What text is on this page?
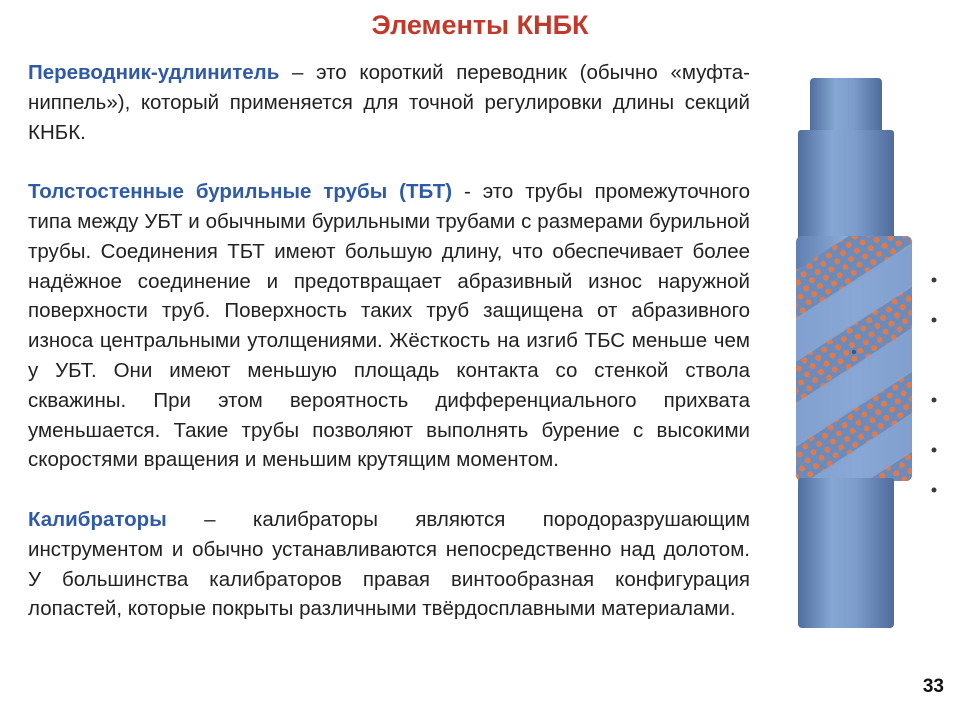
Элементы КНБК

Переводник-удлинитель – это короткий переводник (обычно «муфта-ниппель»), который применяется для точной регулировки длины секций КНБК.

Толстостенные бурильные трубы (ТБТ) - это трубы промежуточного типа между УБТ и обычными бурильными трубами с размерами бурильной трубы. Соединения ТБТ имеют большую длину, что обеспечивает более надёжное соединение и предотвращает абразивный износ наружной поверхности труб. Поверхность таких труб защищена от абразивного износа центральными утолщениями. Жёсткость на изгиб ТБС меньше чем у УБТ. Они имеют меньшую площадь контакта со стенкой ствола скважины. При этом вероятность дифференциального прихвата уменьшается. Такие трубы позволяют выполнять бурение с высокими скоростями вращения и меньшим крутящим моментом.

Калибраторы – калибраторы являются породоразрушающим инструментом и обычно устанавливаются непосредственно над долотом. У большинства калибраторов правая винтообразная конфигурация лопастей, которые покрыты различными твёрдосплавными материалами.

33
